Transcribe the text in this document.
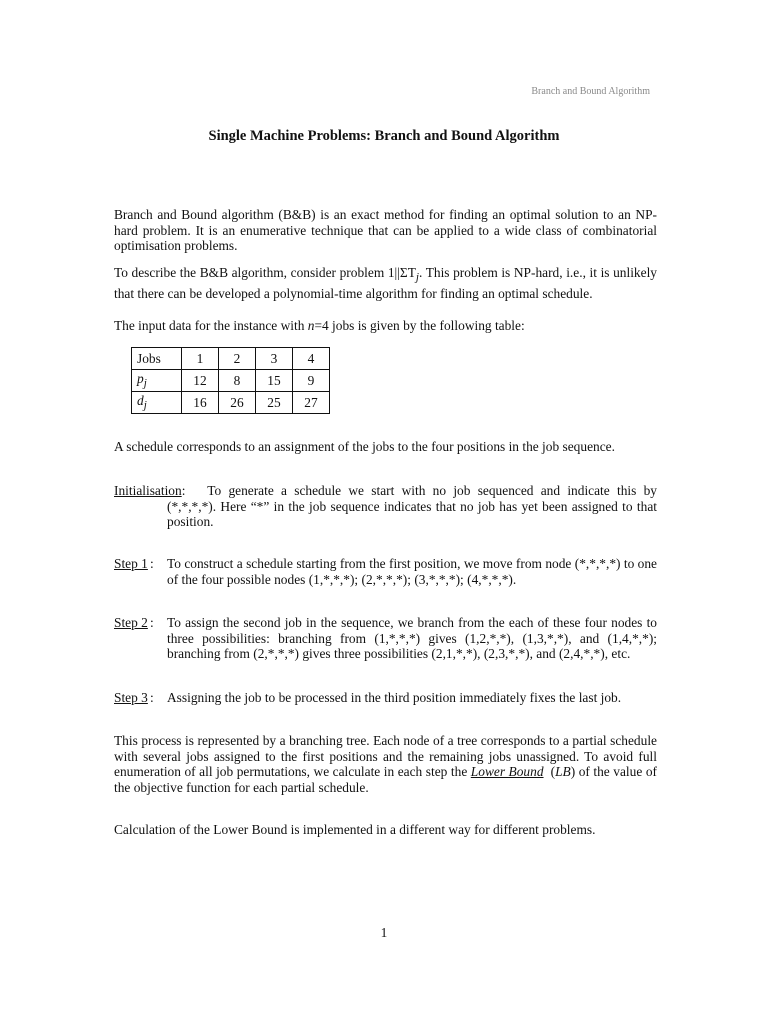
Branch and Bound Algorithm
Single Machine Problems: Branch and Bound Algorithm

Branch and Bound algorithm (B&B) is an exact method for finding an optimal solution to an NP-hard problem. It is an enumerative technique that can be applied to a wide class of combinatorial optimisation problems.

To describe the B&B algorithm, consider problem $1||\Sigma T_j$. This problem is NP-hard, i.e., it is unlikely that there can be developed a polynomial-time algorithm for finding an optimal schedule.

The input data for the instance with n=4 jobs is given by the following table:

Jobs	1	2	3	4
$p_j$	12	8	15	9
$d_j$	16	26	25	27

A schedule corresponds to an assignment of the jobs to the four positions in the job sequence.

Initialisation: To generate a schedule we start with no job sequenced and indicate this by

(*,*,*,*). Here “*” in the job sequence indicates that no job has yet been assigned to that position.

Step 1 : To construct a schedule starting from the first position, we move from node (*,*,*,*) to one of the four possible nodes (1,*,*,*); (2,*,*,*); (3,*,*,*); (4,*,*,*).
Step 2 : To assign the second job in the sequence, we branch from the each of these four nodes to three possibilities: branching from (1,*,*,*) gives (1,2,*,*), (1,3,*,*), and (1,4,*,*); branching from (2,*,*,*) gives three possibilities (2,1,*,*), (2,3,*,*), and (2,4,*,*), etc.
Step 3 : Assigning the job to be processed in the third position immediately fixes the last job.

This process is represented by a branching tree. Each node of a tree corresponds to a partial schedule with several jobs assigned to the first positions and the remaining jobs unassigned. To avoid full enumeration of all job permutations, we calculate in each step the Lower Bound  (LB) of the value of the objective function for each partial schedule.

Calculation of the Lower Bound is implemented in a different way for different problems.

1
